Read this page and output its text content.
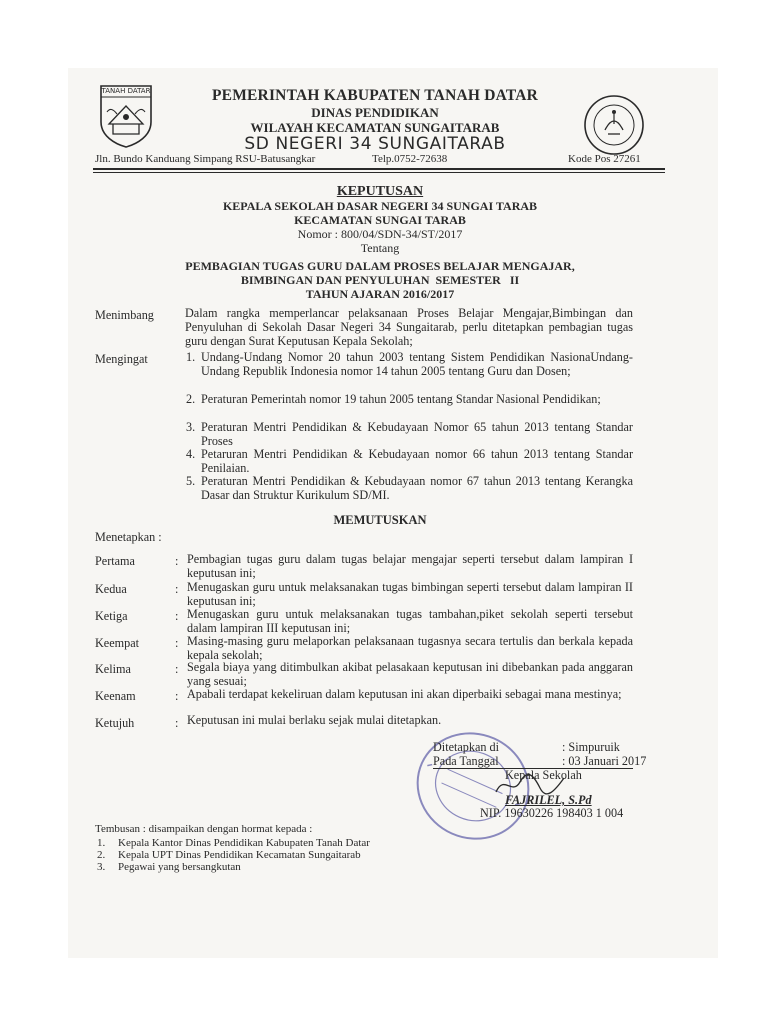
TANAH DATAR	PEMERINTAH KABUPATEN TANAH DATAR
DINAS PENDIDIKAN
WILAYAH KECAMATAN SUNGAITARAB
SD NEGERI 34 SUNGAITARAB
Jln. Bundo Kanduang Simpang RSU-Batusangkar	Telp.0752-72638	Kode Pos 27261
KEPUTUSAN
KEPALA SEKOLAH DASAR NEGERI 34 SUNGAI TARAB
KECAMATAN SUNGAI TARAB
Nomor : 800/04/SDN-34/ST/2017
Tentang
PEMBAGIAN TUGAS GURU DALAM PROSES BELAJAR MENGAJAR,
BIMBINGAN DAN PENYULUHAN  SEMESTER   II
TAHUN AJARAN 2016/2017
Menimbang	Dalam rangka memperlancar pelaksanaan Proses Belajar Mengajar,Bimbingan dan Penyuluhan di Sekolah Dasar Negeri 34 Sungaitarab, perlu ditetapkan pembagian tugas guru dengan Surat Keputusan Kepala Sekolah;
Mengingat	1. Undang-Undang Nomor 20 tahun 2003 tentang Sistem Pendidikan NasionaUndang-Undang Republik Indonesia nomor 14 tahun 2005 tentang Guru dan Dosen;
2. Peraturan Pemerintah nomor 19 tahun 2005 tentang Standar Nasional Pendidikan;
3. Peraturan Mentri Pendidikan & Kebudayaan Nomor 65 tahun 2013 tentang Standar Proses
4. Petaruran Mentri Pendidikan & Kebudayaan nomor 66 tahun 2013 tentang Standar Penilaian.
5. Peraturan Mentri Pendidikan & Kebudayaan nomor 67 tahun 2013 tentang Kerangka Dasar dan Struktur Kurikulum SD/MI.
MEMUTUSKAN
Menetapkan :
Pertama	: Pembagian tugas guru dalam tugas belajar mengajar seperti tersebut dalam lampiran I keputusan ini;
Kedua	: Menugaskan guru untuk melaksanakan tugas bimbingan seperti tersebut dalam lampiran II keputusan ini;
Ketiga	: Menugaskan guru untuk melaksanakan tugas tambahan,piket sekolah seperti tersebut dalam lampiran III keputusan ini;
Keempat	: Masing-masing guru melaporkan pelaksanaan tugasnya secara tertulis dan berkala kepada kepala sekolah;
Kelima	: Segala biaya yang ditimbulkan akibat pelasakaan keputusan ini dibebankan pada anggaran yang sesuai;
Keenam	: Apabali terdapat kekeliruan dalam keputusan ini akan diperbaiki sebagai mana mestinya;
Ketujuh	: Keputusan ini mulai berlaku sejak mulai ditetapkan.
Ditetapkan di	: Simpuruik
Pada Tanggal	: 03 Januari 2017
Kepala Sekolah
FAJRILEL, S.Pd
NIP. 19630226 198403 1 004
Tembusan : disampaikan dengan hormat kepada :
1. Kepala Kantor Dinas Pendidikan Kabupaten Tanah Datar
2. Kepala UPT Dinas Pendidikan Kecamatan Sungaitarab
3. Pegawai yang bersangkutan
